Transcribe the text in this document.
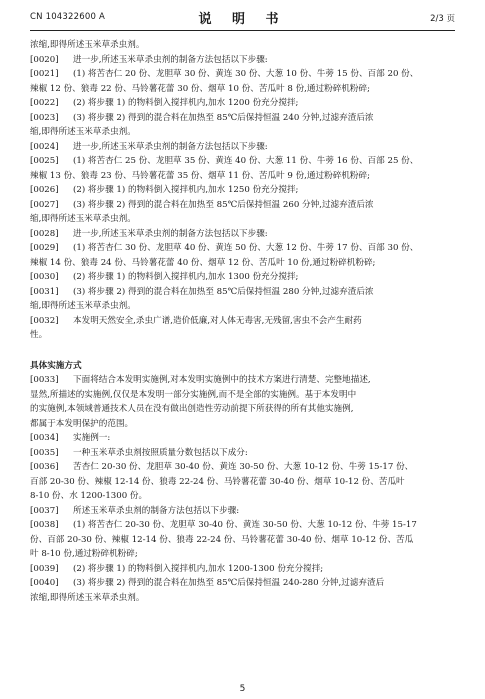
CN 104322600 A	说 明 书	2/3 页
浓缩,即得所述玉米草杀虫剂。
[0020] 进一步,所述玉米草杀虫剂的制备方法包括以下步骤:
[0021] (1) 将苦杏仁 20 份、龙胆草 30 份、黄连 30 份、大葱 10 份、牛蒡 15 份、百部 20 份、
辣椒 12 份、狼毒 22 份、马铃薯花蕾 30 份、烟草 10 份、苦瓜叶 8 份,通过粉碎机粉碎;
[0022] (2) 将步骤 1) 的物料倒入搅拌机内,加水 1200 份充分搅拌;
[0023] (3) 将步骤 2) 得到的混合料在加热至 85℃后保持恒温 240 分钟,过滤弃渣后浓
缩,即得所述玉米草杀虫剂。
[0024] 进一步,所述玉米草杀虫剂的制备方法包括以下步骤:
[0025] (1) 将苦杏仁 25 份、龙胆草 35 份、黄连 40 份、大葱 11 份、牛蒡 16 份、百部 25 份、
辣椒 13 份、狼毒 23 份、马铃薯花蕾 35 份、烟草 11 份、苦瓜叶 9 份,通过粉碎机粉碎;
[0026] (2) 将步骤 1) 的物料倒入搅拌机内,加水 1250 份充分搅拌;
[0027] (3) 将步骤 2) 得到的混合料在加热至 85℃后保持恒温 260 分钟,过滤弃渣后浓
缩,即得所述玉米草杀虫剂。
[0028] 进一步,所述玉米草杀虫剂的制备方法包括以下步骤:
[0029] (1) 将苦杏仁 30 份、龙胆草 40 份、黄连 50 份、大葱 12 份、牛蒡 17 份、百部 30 份、
辣椒 14 份、狼毒 24 份、马铃薯花蕾 40 份、烟草 12 份、苦瓜叶 10 份,通过粉碎机粉碎;
[0030] (2) 将步骤 1) 的物料倒入搅拌机内,加水 1300 份充分搅拌;
[0031] (3) 将步骤 2) 得到的混合料在加热至 85℃后保持恒温 280 分钟,过滤弃渣后浓
缩,即得所述玉米草杀虫剂。
[0032] 本发明天然安全,杀虫广谱,造价低廉,对人体无毒害,无残留,害虫不会产生耐药
性。
具体实施方式
[0033] 下面将结合本发明实施例,对本发明实施例中的技术方案进行清楚、完整地描述,
显然,所描述的实施例,仅仅是本发明一部分实施例,而不是全部的实施例。基于本发明中
的实施例,本领域普通技术人员在没有做出创造性劳动前提下所获得的所有其他实施例,
都属于本发明保护的范围。
[0034] 实施例一:
[0035] 一种玉米草杀虫剂按照质量分数包括以下成分:
[0036] 苦杏仁 20-30 份、龙胆草 30-40 份、黄连 30-50 份、大葱 10-12 份、牛蒡 15-17 份、
百部 20-30 份、辣椒 12-14 份、狼毒 22-24 份、马铃薯花蕾 30-40 份、烟草 10-12 份、苦瓜叶
8-10 份、水 1200-1300 份。
[0037] 所述玉米草杀虫剂的制备方法包括以下步骤:
[0038] (1) 将苦杏仁 20-30 份、龙胆草 30-40 份、黄连 30-50 份、大葱 10-12 份、牛蒡 15-17
份、百部 20-30 份、辣椒 12-14 份、狼毒 22-24 份、马铃薯花蕾 30-40 份、烟草 10-12 份、苦瓜
叶 8-10 份,通过粉碎机粉碎;
[0039] (2) 将步骤 1) 的物料倒入搅拌机内,加水 1200-1300 份充分搅拌;
[0040] (3) 将步骤 2) 得到的混合料在加热至 85℃后保持恒温 240-280 分钟,过滤弃渣后
浓缩,即得所述玉米草杀虫剂。
5
